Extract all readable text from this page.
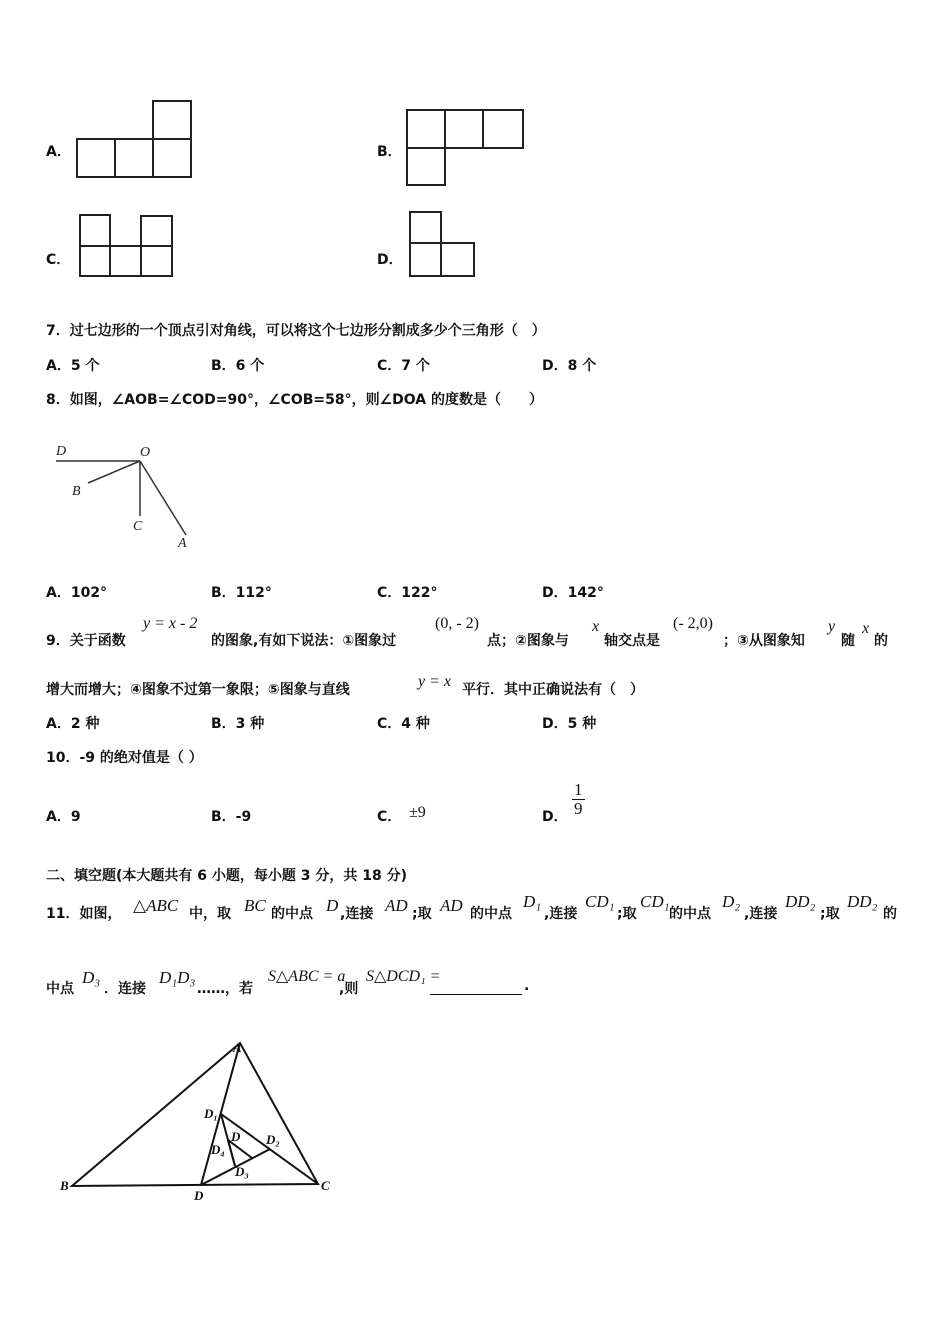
A．	B．
C．	D．
7．过七边形的一个顶点引对角线，可以将这个七边形分割成多少个三角形（　）
A．5 个	B．6 个	C．7 个	D．8 个
8．如图，∠AOB=∠COD=90°，∠COB=58°，则∠DOA 的度数是（　　）
D	O
B
C
A
A．102°	B．112°	C．122°	D．142°
9．关于函数
y = x - 2
的图象,有如下说法：①图象过
(0, - 2)
点；②图象与
x
轴交点是
(- 2,0)
；③从图象知
y
随
x
的
增大而增大；④图象不过第一象限；⑤图象与直线	y = x 平行．其中正确说法有（　）
A．2 种	B．3 种	C．4 种	D．5 种
10．-9 的绝对值是（ ）
A．9	B．-9	C． ±9	D． $\frac{1}{9}$
二、填空题(本大题共有 6 小题，每小题 3 分，共 18 分)
11．如图， △ABC 中，取 BC 的中点 D ,连接 AD ;取 AD 的中点
D₁
,连接
CD₁
;取
CD₁
的中点
D₂
,连接
DD₂
;取
DD₂
的
中点
D₃
．连接
D₁D₃
……，若
S△ABC = a
,则
S△DCD₁ =
.
A
B	C
D
D₁
D₂
D₃
D
D₄
